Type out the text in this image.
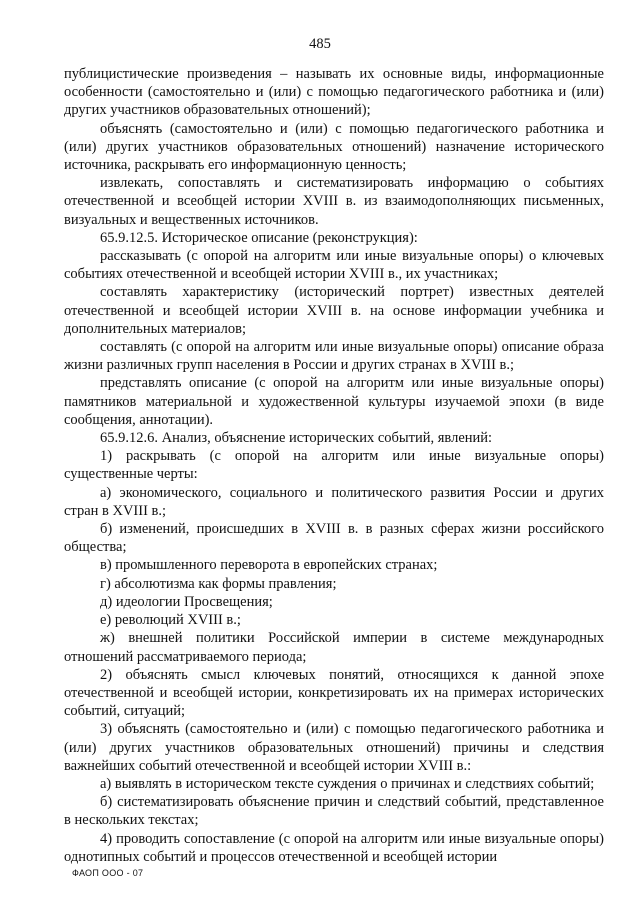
485

публицистические произведения – называть их основные виды, информационные особенности (самостоятельно и (или) с помощью педагогического работника и (или) других участников образовательных отношений);

объяснять (самостоятельно и (или) с помощью педагогического работника и (или) других участников образовательных отношений) назначение исторического источника, раскрывать его информационную ценность;

извлекать, сопоставлять и систематизировать информацию о событиях отечественной и всеобщей истории XVIII в. из взаимодополняющих письменных, визуальных и вещественных источников.

65.9.12.5. Историческое описание (реконструкция):

рассказывать (с опорой на алгоритм или иные визуальные опоры) о ключевых событиях отечественной и всеобщей истории XVIII в., их участниках;

составлять характеристику (исторический портрет) известных деятелей отечественной и всеобщей истории XVIII в. на основе информации учебника и дополнительных материалов;

составлять (с опорой на алгоритм или иные визуальные опоры) описание образа жизни различных групп населения в России и других странах в XVIII в.;

представлять описание (с опорой на алгоритм или иные визуальные опоры) памятников материальной и художественной культуры изучаемой эпохи (в виде сообщения, аннотации).

65.9.12.6. Анализ, объяснение исторических событий, явлений:

1) раскрывать (с опорой на алгоритм или иные визуальные опоры) существенные черты:

а) экономического, социального и политического развития России и других стран в XVIII в.;

б) изменений, происшедших в XVIII в. в разных сферах жизни российского общества;

в) промышленного переворота в европейских странах;

г) абсолютизма как формы правления;

д) идеологии Просвещения;

е) революций XVIII в.;

ж) внешней политики Российской империи в системе международных отношений рассматриваемого периода;

2) объяснять смысл ключевых понятий, относящихся к данной эпохе отечественной и всеобщей истории, конкретизировать их на примерах исторических событий, ситуаций;

3) объяснять (самостоятельно и (или) с помощью педагогического работника и (или) других участников образовательных отношений) причины и следствия важнейших событий отечественной и всеобщей истории XVIII в.:

а) выявлять в историческом тексте суждения о причинах и следствиях событий;

б) систематизировать объяснение причин и следствий событий, представленное в нескольких текстах;

4) проводить сопоставление (с опорой на алгоритм или иные визуальные опоры) однотипных событий и процессов отечественной и всеобщей истории

ФАОП ООО - 07
